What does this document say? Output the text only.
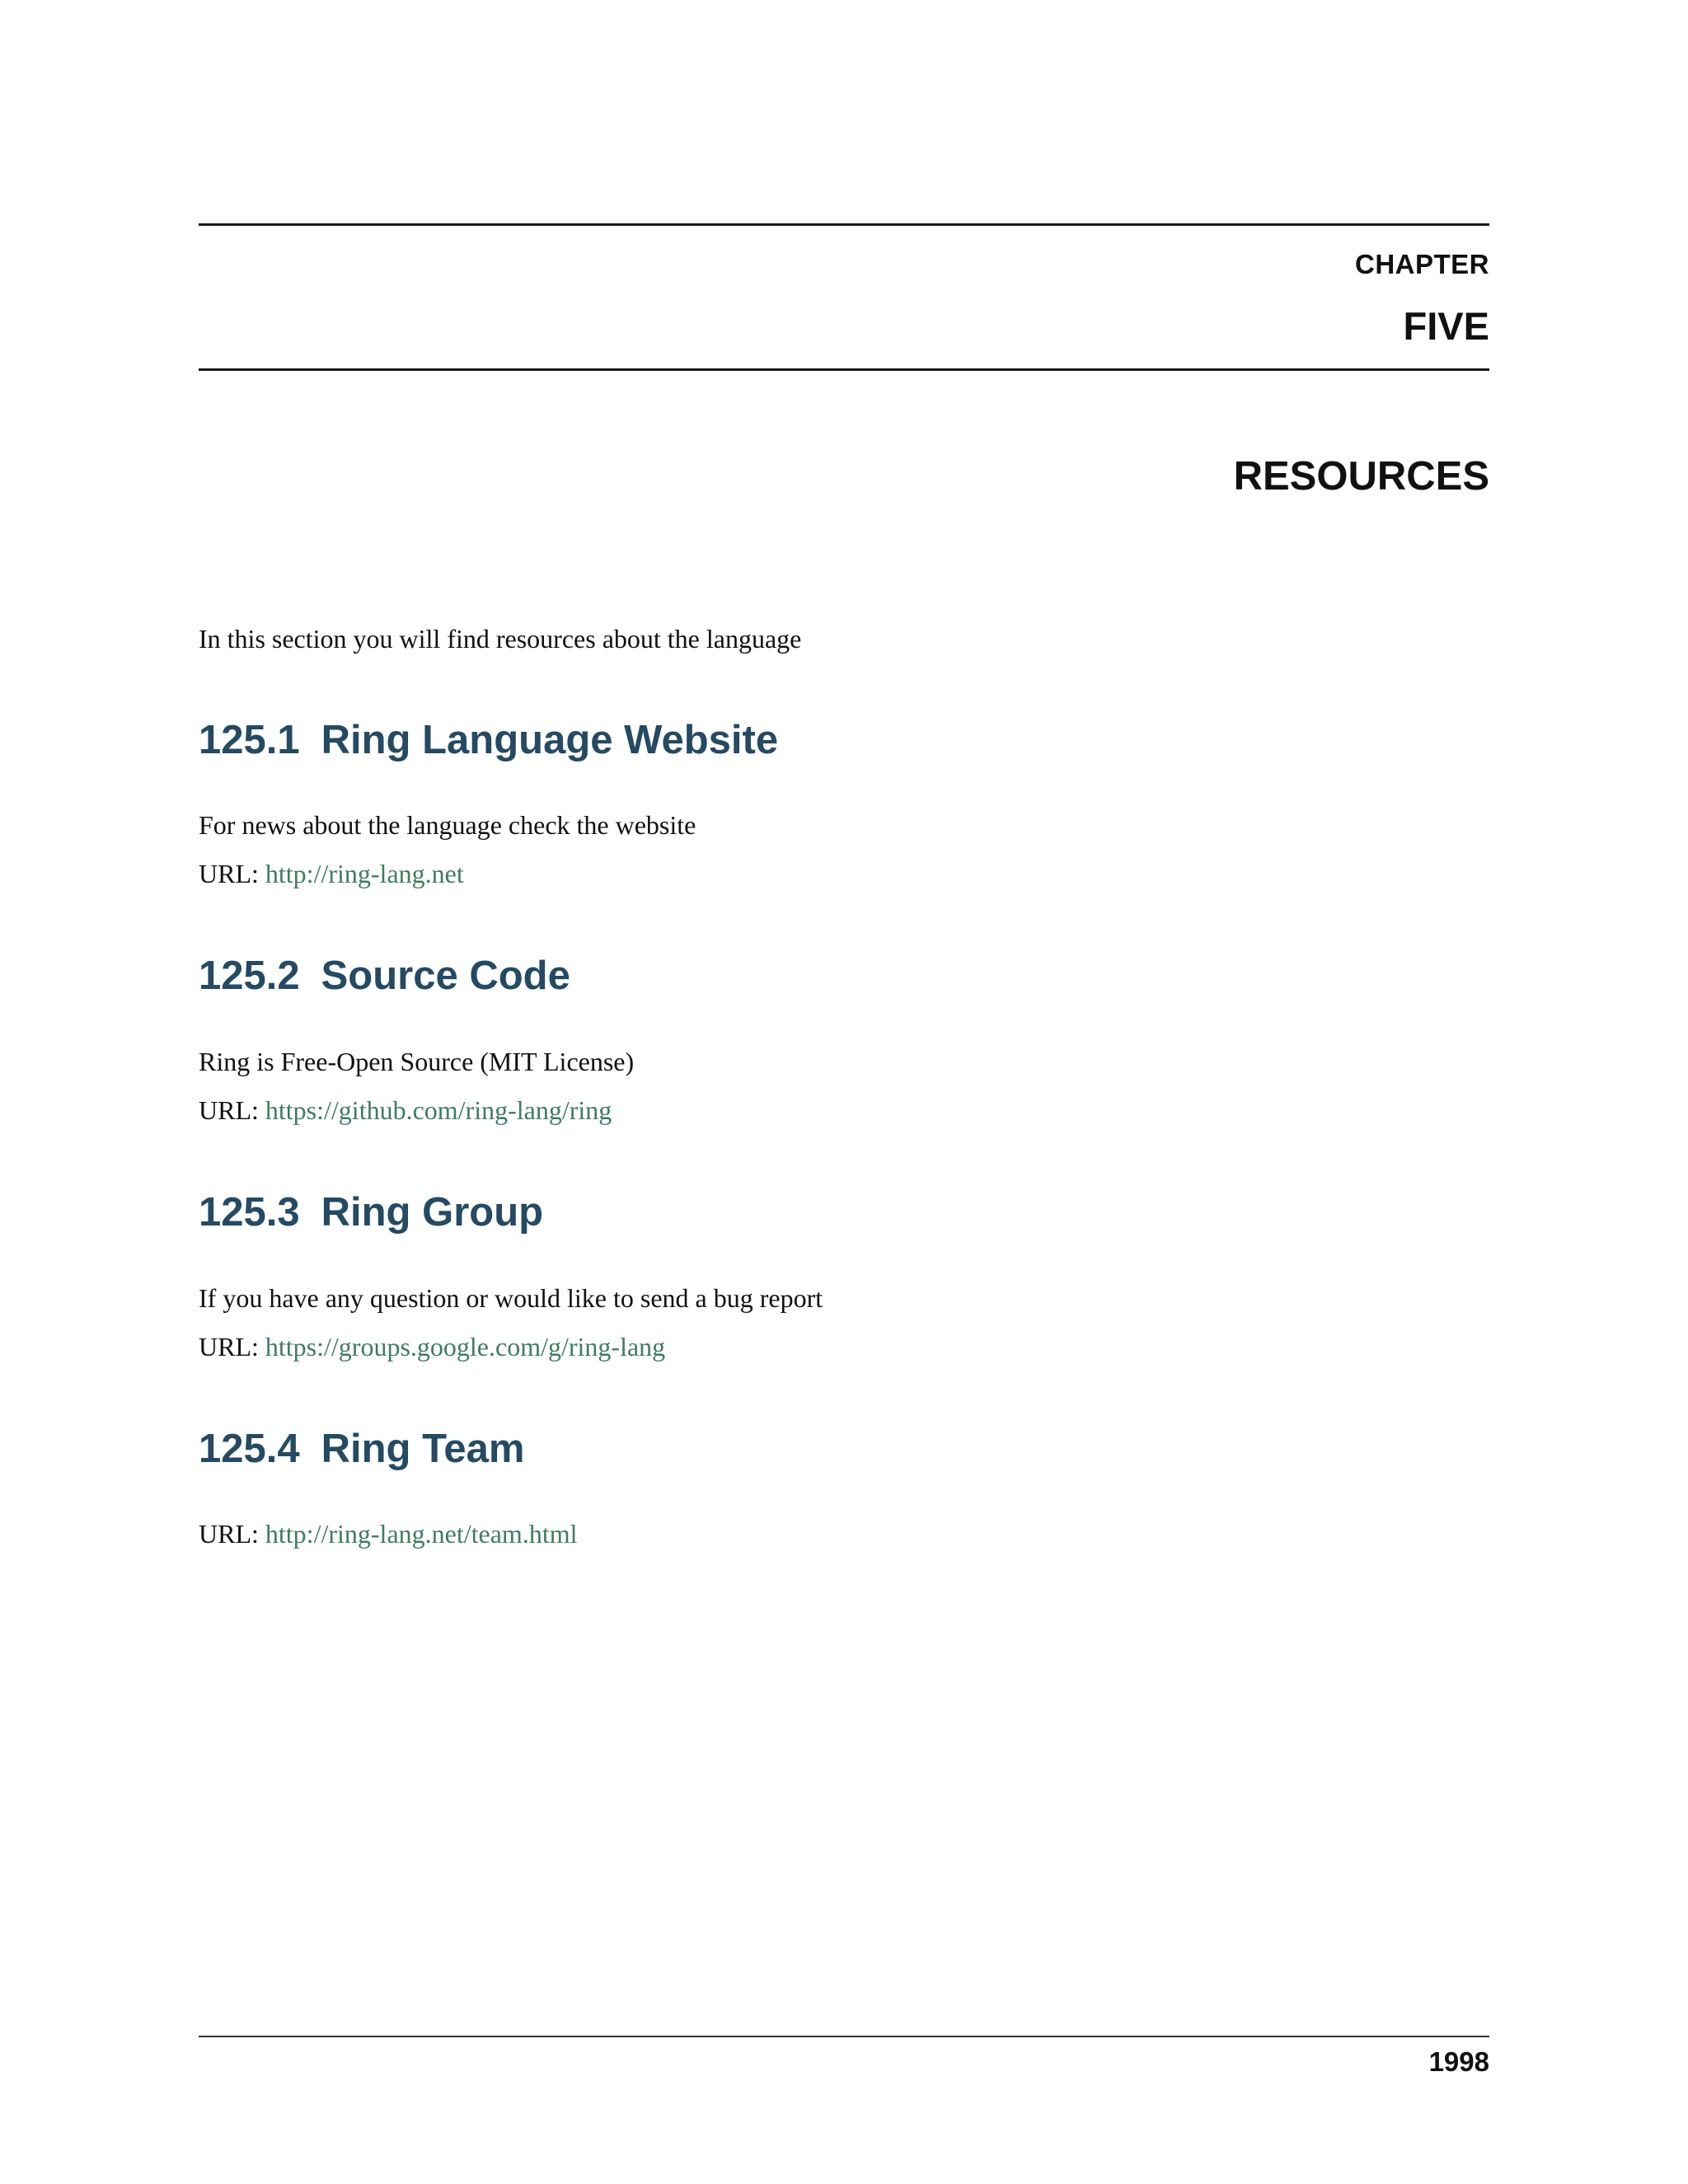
CHAPTER

FIVE

RESOURCES

In this section you will find resources about the language

125.1 Ring Language Website

For news about the language check the website

URL: http://ring-lang.net

125.2 Source Code

Ring is Free-Open Source (MIT License)

URL: https://github.com/ring-lang/ring

125.3 Ring Group

If you have any question or would like to send a bug report

URL: https://groups.google.com/g/ring-lang

125.4 Ring Team

URL: http://ring-lang.net/team.html

1998
